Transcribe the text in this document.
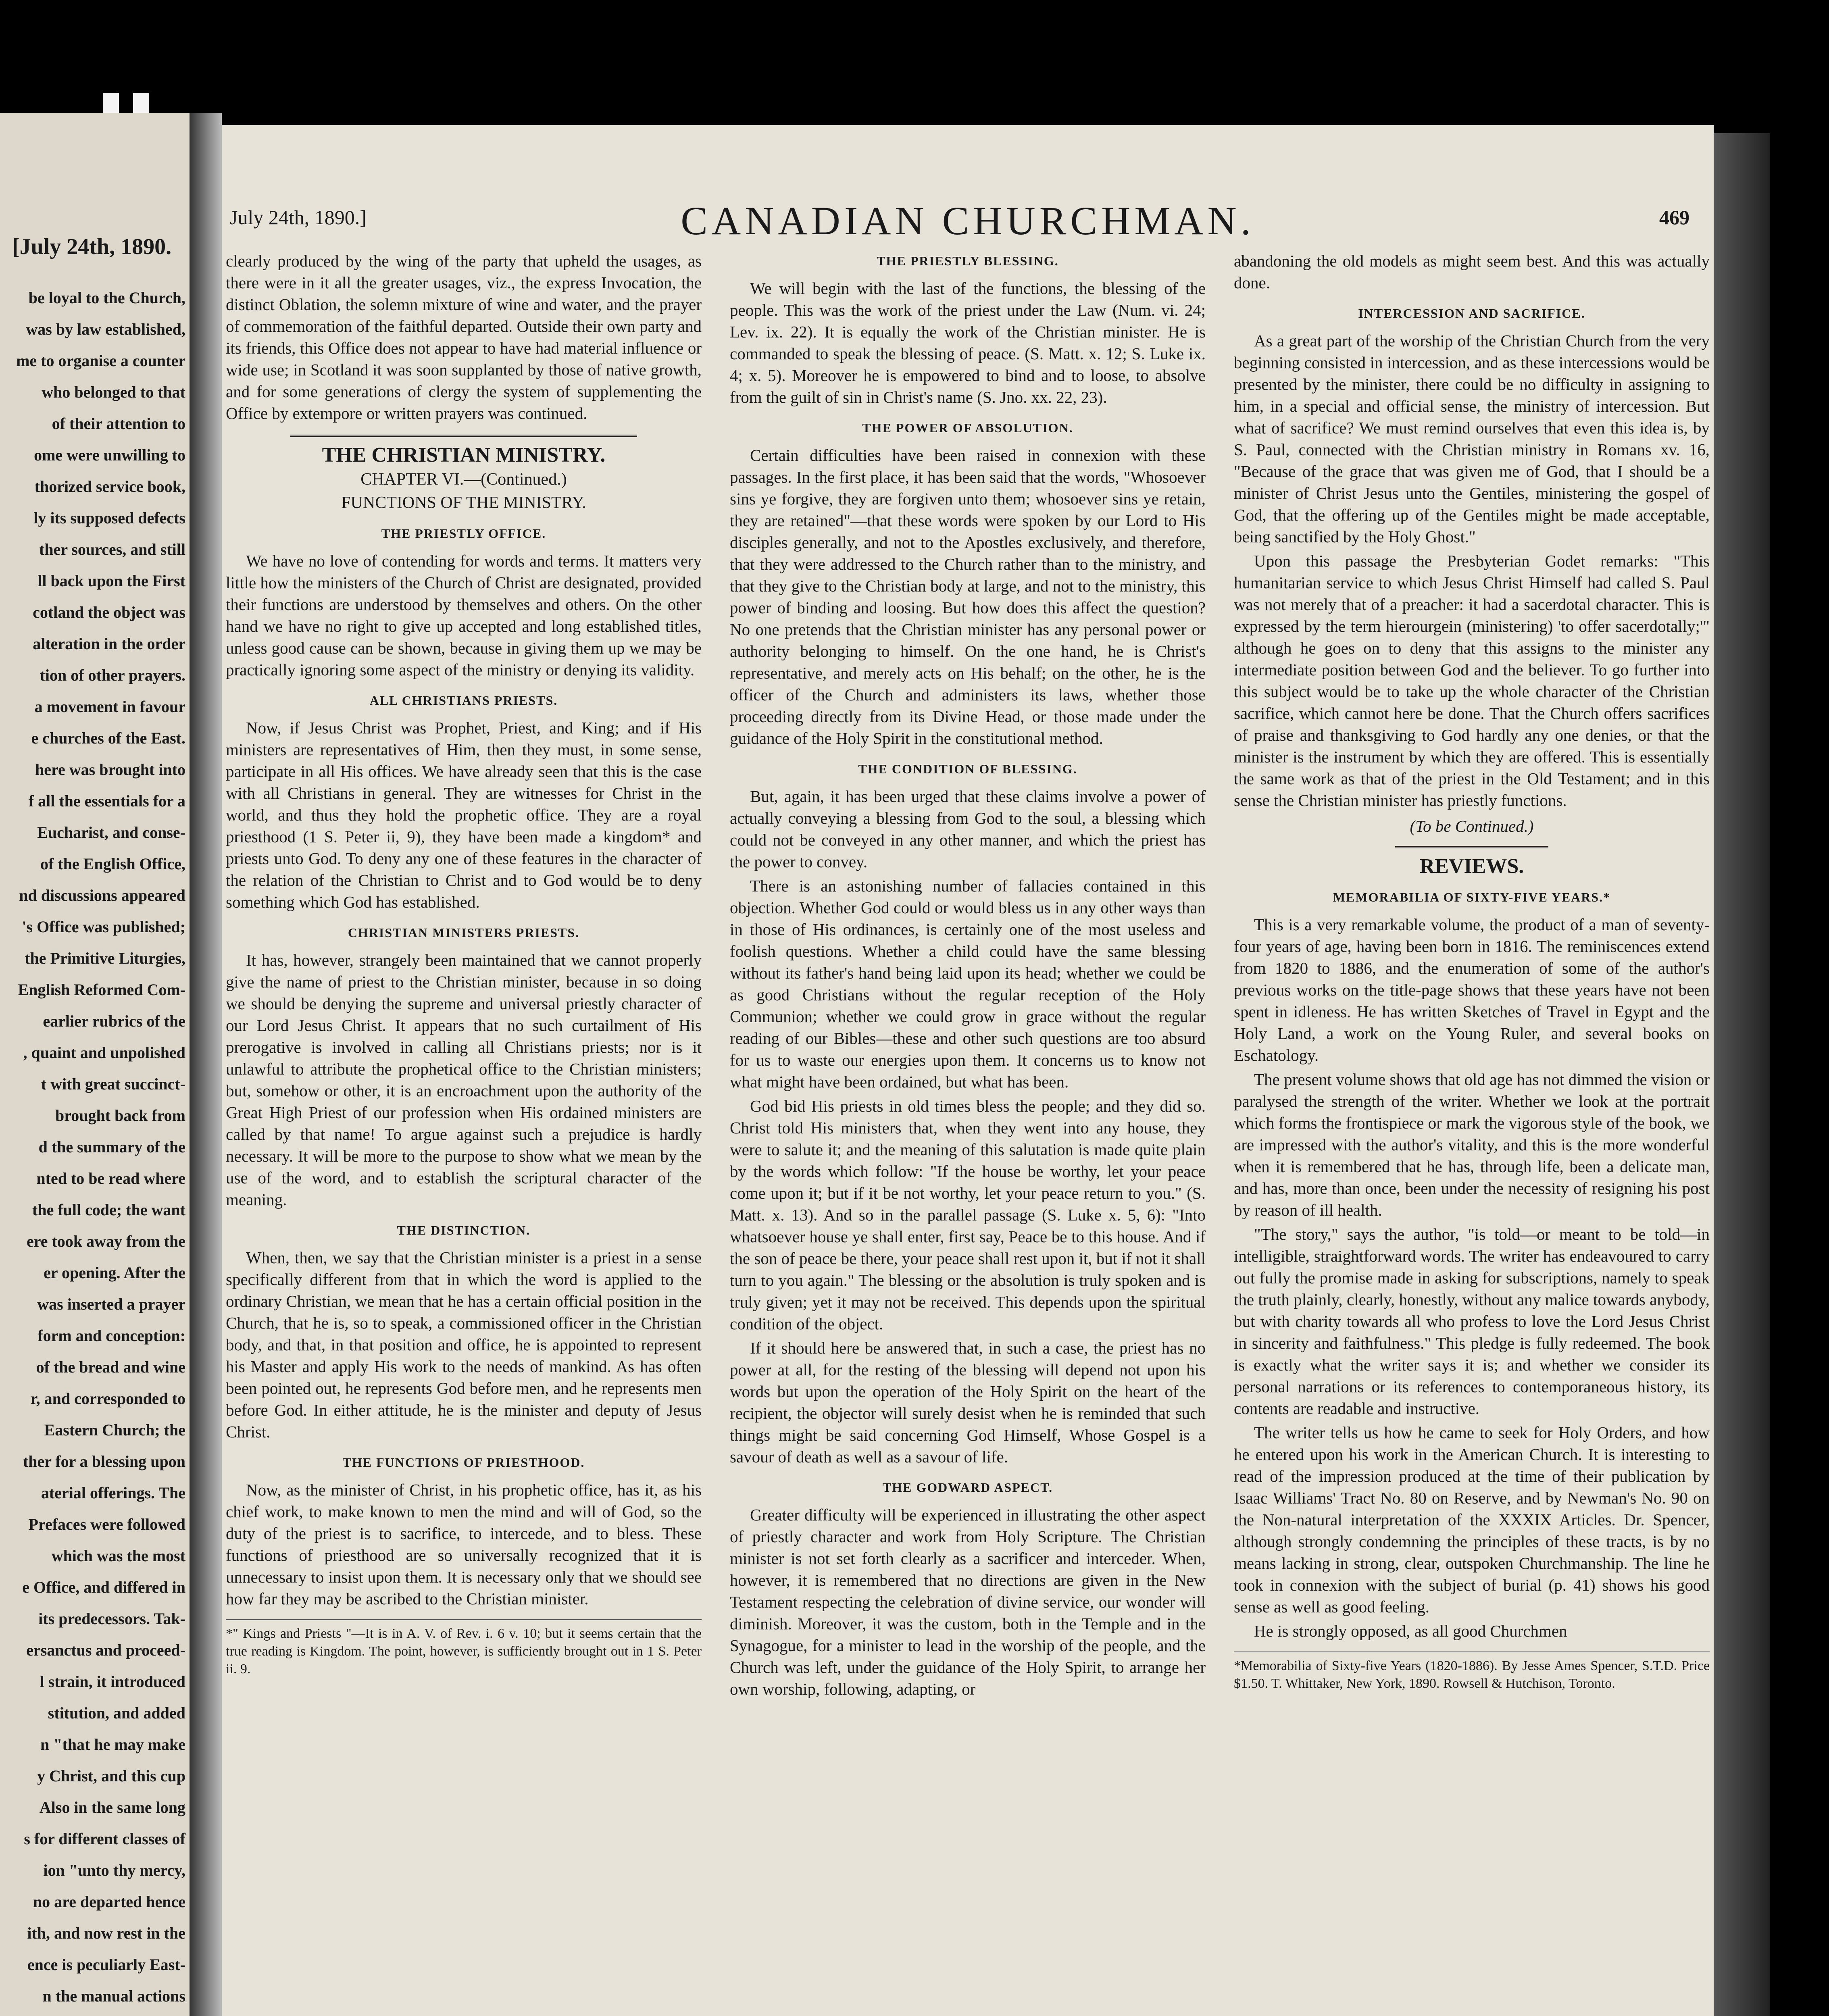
[July 24th, 1890.
be loyal to the Church,
was by law established,
me to organise a counter
who belonged to that
of their attention to
ome were unwilling to
thorized service book,
ly its supposed defects
ther sources, and still
ll back upon the First
cotland the object was
alteration in the order
tion of other prayers.
a movement in favour
e churches of the East.
here was brought into
f all the essentials for a
Eucharist, and conse-
of the English Office,
nd discussions appeared
's Office was published;
the Primitive Liturgies,
English Reformed Com-
earlier rubrics of the
, quaint and unpolished
t with great succinct-
brought back from
d the summary of the
nted to be read where
the full code; the want
ere took away from the
er opening. After the
was inserted a prayer
form and conception:
of the bread and wine
r, and corresponded to
Eastern Church; the
ther for a blessing upon
aterial offerings. The
Prefaces were followed
which was the most
e Office, and differed in
its predecessors. Tak-
ersanctus and proceed-
l strain, it introduced
stitution, and added
n "that he may make
y Christ, and this cup
Also in the same long
s for different classes of
ion "unto thy mercy,
no are departed hence
ith, and now rest in the
ence is peculiarly East-
n the manual actions
July 24th, 1890.]	CANADIAN CHURCHMAN.	469

clearly produced by the wing of the party that upheld the usages, as there were in it all the greater usages, viz., the express Invocation, the distinct Oblation, the solemn mixture of wine and water, and the prayer of commemoration of the faithful departed. Outside their own party and its friends, this Office does not appear to have had material influence or wide use; in Scotland it was soon supplanted by those of native growth, and for some generations of clergy the system of supplementing the Office by extempore or written prayers was continued.

THE CHRISTIAN MINISTRY.
CHAPTER VI.—(Continued.)
FUNCTIONS OF THE MINISTRY.
THE PRIESTLY OFFICE.

We have no love of contending for words and terms. It matters very little how the ministers of the Church of Christ are designated, provided their functions are understood by themselves and others. On the other hand we have no right to give up accepted and long established titles, unless good cause can be shown, because in giving them up we may be practically ignoring some aspect of the ministry or denying its validity.

ALL CHRISTIANS PRIESTS.

Now, if Jesus Christ was Prophet, Priest, and King; and if His ministers are representatives of Him, then they must, in some sense, participate in all His offices. We have already seen that this is the case with all Christians in general. They are witnesses for Christ in the world, and thus they hold the prophetic office. They are a royal priesthood (1 S. Peter ii, 9), they have been made a kingdom* and priests unto God. To deny any one of these features in the character of the relation of the Christian to Christ and to God would be to deny something which God has established.

CHRISTIAN MINISTERS PRIESTS.

It has, however, strangely been maintained that we cannot properly give the name of priest to the Christian minister, because in so doing we should be denying the supreme and universal priestly character of our Lord Jesus Christ. It appears that no such curtailment of His prerogative is involved in calling all Christians priests; nor is it unlawful to attribute the prophetical office to the Christian ministers; but, somehow or other, it is an encroachment upon the authority of the Great High Priest of our profession when His ordained ministers are called by that name! To argue against such a prejudice is hardly necessary. It will be more to the purpose to show what we mean by the use of the word, and to establish the scriptural character of the meaning.

THE DISTINCTION.

When, then, we say that the Christian minister is a priest in a sense specifically different from that in which the word is applied to the ordinary Christian, we mean that he has a certain official position in the Church, that he is, so to speak, a commissioned officer in the Christian body, and that, in that position and office, he is appointed to represent his Master and apply His work to the needs of mankind. As has often been pointed out, he represents God before men, and he represents men before God. In either attitude, he is the minister and deputy of Jesus Christ.

THE FUNCTIONS OF PRIESTHOOD.

Now, as the minister of Christ, in his prophetic office, has it, as his chief work, to make known to men the mind and will of God, so the duty of the priest is to sacrifice, to intercede, and to bless. These functions of priesthood are so universally recognized that it is unnecessary to insist upon them. It is necessary only that we should see how far they may be ascribed to the Christian minister.

*" Kings and Priests "—It is in A. V. of Rev. i. 6 v. 10; but it seems certain that the true reading is Kingdom. The point, however, is sufficiently brought out in 1 S. Peter ii. 9.
THE PRIESTLY BLESSING.

We will begin with the last of the functions, the blessing of the people. This was the work of the priest under the Law (Num. vi. 24; Lev. ix. 22). It is equally the work of the Christian minister. He is commanded to speak the blessing of peace. (S. Matt. x. 12; S. Luke ix. 4; x. 5). Moreover he is empowered to bind and to loose, to absolve from the guilt of sin in Christ's name (S. Jno. xx. 22, 23).

THE POWER OF ABSOLUTION.

Certain difficulties have been raised in connexion with these passages. In the first place, it has been said that the words, "Whosoever sins ye forgive, they are forgiven unto them; whosoever sins ye retain, they are retained"—that these words were spoken by our Lord to His disciples generally, and not to the Apostles exclusively, and therefore, that they were addressed to the Church rather than to the ministry, and that they give to the Christian body at large, and not to the ministry, this power of binding and loosing. But how does this affect the question? No one pretends that the Christian minister has any personal power or authority belonging to himself. On the one hand, he is Christ's representative, and merely acts on His behalf; on the other, he is the officer of the Church and administers its laws, whether those proceeding directly from its Divine Head, or those made under the guidance of the Holy Spirit in the constitutional method.

THE CONDITION OF BLESSING.

But, again, it has been urged that these claims involve a power of actually conveying a blessing from God to the soul, a blessing which could not be conveyed in any other manner, and which the priest has the power to convey.

There is an astonishing number of fallacies contained in this objection. Whether God could or would bless us in any other ways than in those of His ordinances, is certainly one of the most useless and foolish questions. Whether a child could have the same blessing without its father's hand being laid upon its head; whether we could be as good Christians without the regular reception of the Holy Communion; whether we could grow in grace without the regular reading of our Bibles—these and other such questions are too absurd for us to waste our energies upon them. It concerns us to know not what might have been ordained, but what has been.

God bid His priests in old times bless the people; and they did so. Christ told His ministers that, when they went into any house, they were to salute it; and the meaning of this salutation is made quite plain by the words which follow: "If the house be worthy, let your peace come upon it; but if it be not worthy, let your peace return to you." (S. Matt. x. 13). And so in the parallel passage (S. Luke x. 5, 6): "Into whatsoever house ye shall enter, first say, Peace be to this house. And if the son of peace be there, your peace shall rest upon it, but if not it shall turn to you again." The blessing or the absolution is truly spoken and is truly given; yet it may not be received. This depends upon the spiritual condition of the object.

If it should here be answered that, in such a case, the priest has no power at all, for the resting of the blessing will depend not upon his words but upon the operation of the Holy Spirit on the heart of the recipient, the objector will surely desist when he is reminded that such things might be said concerning God Himself, Whose Gospel is a savour of death as well as a savour of life.

THE GODWARD ASPECT.

Greater difficulty will be experienced in illustrating the other aspect of priestly character and work from Holy Scripture. The Christian minister is not set forth clearly as a sacrificer and interceder. When, however, it is remembered that no directions are given in the New Testament respecting the celebration of divine service, our wonder will diminish. Moreover, it was the custom, both in the Temple and in the Synagogue, for a minister to lead in the worship of the people, and the Church was left, under the guidance of the Holy Spirit, to arrange her own worship, following, adapting, or

abandoning the old models as might seem best. And this was actually done.

INTERCESSION AND SACRIFICE.

As a great part of the worship of the Christian Church from the very beginning consisted in intercession, and as these intercessions would be presented by the minister, there could be no difficulty in assigning to him, in a special and official sense, the ministry of intercession. But what of sacrifice? We must remind ourselves that even this idea is, by S. Paul, connected with the Christian ministry in Romans xv. 16, "Because of the grace that was given me of God, that I should be a minister of Christ Jesus unto the Gentiles, ministering the gospel of God, that the offering up of the Gentiles might be made acceptable, being sanctified by the Holy Ghost."

Upon this passage the Presbyterian Godet remarks: "This humanitarian service to which Jesus Christ Himself had called S. Paul was not merely that of a preacher: it had a sacerdotal character. This is expressed by the term hierourgein (ministering) 'to offer sacerdotally;'" although he goes on to deny that this assigns to the minister any intermediate position between God and the believer. To go further into this subject would be to take up the whole character of the Christian sacrifice, which cannot here be done. That the Church offers sacrifices of praise and thanksgiving to God hardly any one denies, or that the minister is the instrument by which they are offered. This is essentially the same work as that of the priest in the Old Testament; and in this sense the Christian minister has priestly functions.

(To be Continued.)
REVIEWS.
MEMORABILIA OF SIXTY-FIVE YEARS.*

This is a very remarkable volume, the product of a man of seventy-four years of age, having been born in 1816. The reminiscences extend from 1820 to 1886, and the enumeration of some of the author's previous works on the title-page shows that these years have not been spent in idleness. He has written Sketches of Travel in Egypt and the Holy Land, a work on the Young Ruler, and several books on Eschatology.

The present volume shows that old age has not dimmed the vision or paralysed the strength of the writer. Whether we look at the portrait which forms the frontispiece or mark the vigorous style of the book, we are impressed with the author's vitality, and this is the more wonderful when it is remembered that he has, through life, been a delicate man, and has, more than once, been under the necessity of resigning his post by reason of ill health.

"The story," says the author, "is told—or meant to be told—in intelligible, straightforward words. The writer has endeavoured to carry out fully the promise made in asking for subscriptions, namely to speak the truth plainly, clearly, honestly, without any malice towards anybody, but with charity towards all who profess to love the Lord Jesus Christ in sincerity and faithfulness." This pledge is fully redeemed. The book is exactly what the writer says it is; and whether we consider its personal narrations or its references to contemporaneous history, its contents are readable and instructive.

The writer tells us how he came to seek for Holy Orders, and how he entered upon his work in the American Church. It is interesting to read of the impression produced at the time of their publication by Isaac Williams' Tract No. 80 on Reserve, and by Newman's No. 90 on the Non-natural interpretation of the XXXIX Articles. Dr. Spencer, although strongly condemning the principles of these tracts, is by no means lacking in strong, clear, outspoken Churchmanship. The line he took in connexion with the subject of burial (p. 41) shows his good sense as well as good feeling.

He is strongly opposed, as all good Churchmen

*Memorabilia of Sixty-five Years (1820-1886). By Jesse Ames Spencer, S.T.D. Price $1.50. T. Whittaker, New York, 1890. Rowsell & Hutchison, Toronto.
